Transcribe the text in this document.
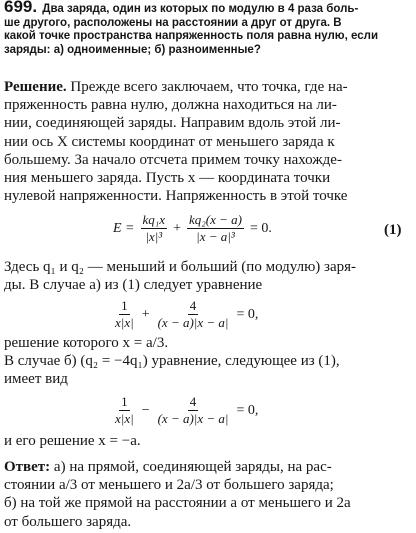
699. Два заряда, один из которых по модулю в 4 раза боль-
ше другого, расположены на расстоянии a друг от друга. В
какой точке пространства напряженность поля равна нулю, если
заряды: а) одноименные; б) разноименные?
Решение. Прежде всего заключаем, что точка, где на-
пряженность равна нулю, должна находиться на ли-
нии, соединяющей заряды. Направим вдоль этой ли-
нии ось X системы координат от меньшего заряда к
большему. За начало отсчета примем точку нахожде-
ния меньшего заряда. Пусть x — координата точки
нулевой напряженности. Напряженность в этой точке
$E = \frac{\text{kq₁x}}{\text{|x|³}} + \frac{\text{kq₂(x − a)}}{\text{|x − a|³}} = 0$.	(1)
Здесь q₁ и q₂ — меньший и больший (по модулю) заря-
ды. В случае а) из (1) следует уравнение
$\frac{1}{x|x|} + \frac{4}{(x - a)|x - a|} = 0$,
решение которого x = a/3.
В случае б) (q₂ = −4q₁) уравнение, следующее из (1),
имеет вид
$\frac{1}{x|x|} - \frac{4}{(x - a)|x - a|} = 0$,
и его решение x = −a.
Ответ: а) на прямой, соединяющей заряды, на рас-
стоянии a/3 от меньшего и 2a/3 от большего заряда;
б) на той же прямой на расстоянии a от меньшего и 2a
от большего заряда.
